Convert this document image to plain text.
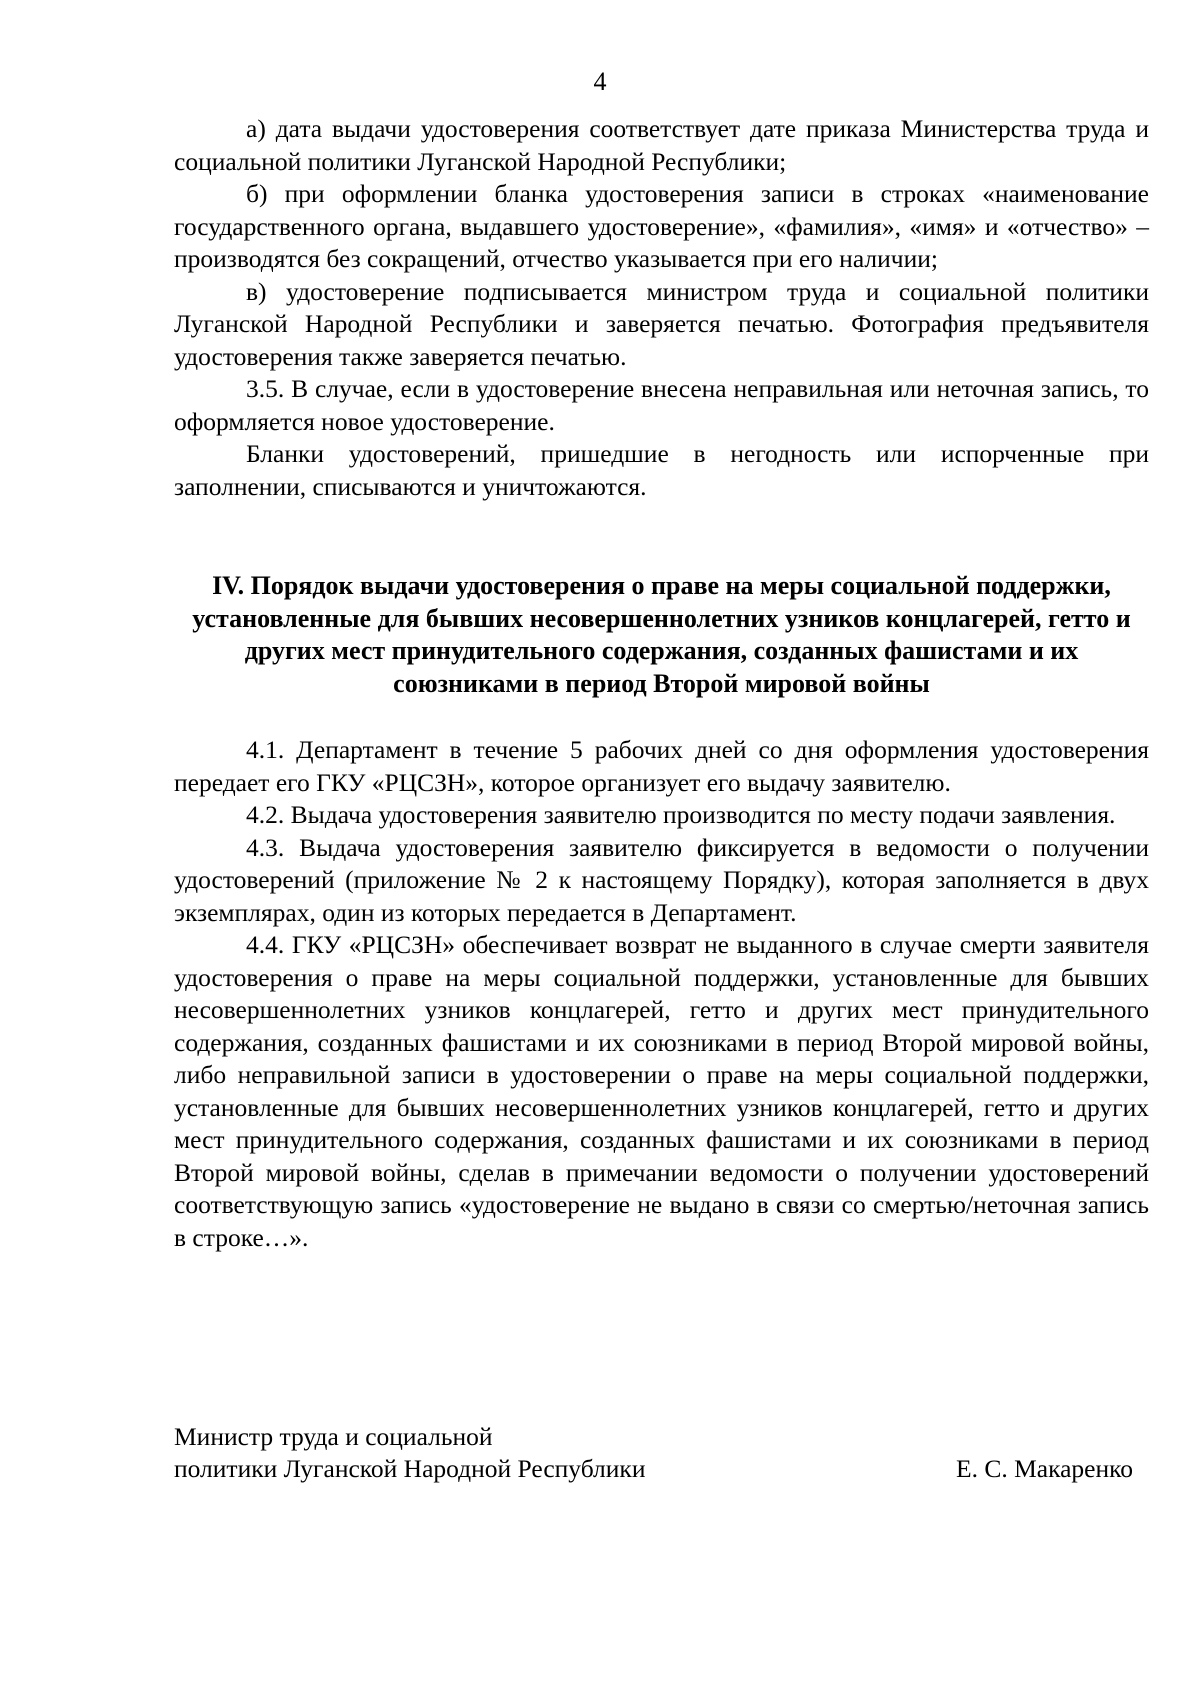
4

а) дата выдачи удостоверения соответствует дате приказа Министерства труда и социальной политики Луганской Народной Республики;

б) при оформлении бланка удостоверения записи в строках «наименование государственного органа, выдавшего удостоверение», «фамилия», «имя» и «отчество» – производятся без сокращений, отчество указывается при его наличии;

в) удостоверение подписывается министром труда и социальной политики Луганской Народной Республики и заверяется печатью. Фотография предъявителя удостоверения также заверяется печатью.

3.5. В случае, если в удостоверение внесена неправильная или неточная запись, то оформляется новое удостоверение.

Бланки удостоверений, пришедшие в негодность или испорченные при заполнении, списываются и уничтожаются.

IV. Порядок выдачи удостоверения о праве на меры социальной поддержки, установленные для бывших несовершеннолетних узников концлагерей, гетто и других мест принудительного содержания, созданных фашистами и их союзниками в период Второй мировой войны

4.1. Департамент в течение 5 рабочих дней со дня оформления удостоверения передает его ГКУ «РЦСЗН», которое организует его выдачу заявителю.

4.2. Выдача удостоверения заявителю производится по месту подачи заявления.

4.3. Выдача удостоверения заявителю фиксируется в ведомости о получении удостоверений (приложение № 2 к настоящему Порядку), которая заполняется в двух экземплярах, один из которых передается в Департамент.

4.4. ГКУ «РЦСЗН» обеспечивает возврат не выданного в случае смерти заявителя удостоверения о праве на меры социальной поддержки, установленные для бывших несовершеннолетних узников концлагерей, гетто и других мест принудительного содержания, созданных фашистами и их союзниками в период Второй мировой войны, либо неправильной записи в удостоверении о праве на меры социальной поддержки, установленные для бывших несовершеннолетних узников концлагерей, гетто и других мест принудительного содержания, созданных фашистами и их союзниками в период Второй мировой войны, сделав в примечании ведомости о получении удостоверений соответствующую запись «удостоверение не выдано в связи со смертью/неточная запись в строке…».

Министр труда и социальной
политики Луганской Народной Республики	Е. С. Макаренко
